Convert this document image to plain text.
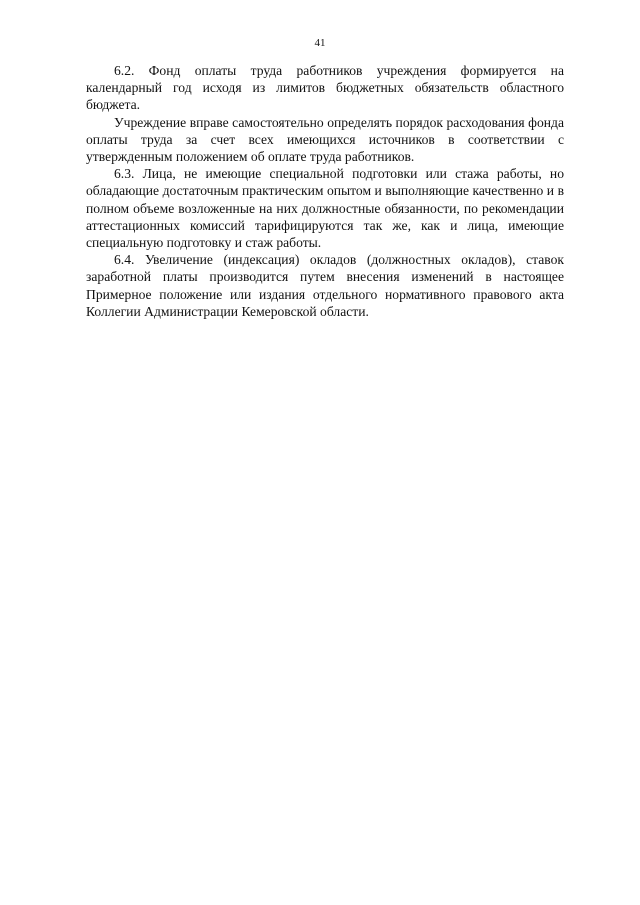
41

6.2. Фонд оплаты труда работников учреждения формируется на календарный год исходя из лимитов бюджетных обязательств областного бюджета.

Учреждение вправе самостоятельно определять порядок расходования фонда оплаты труда за счет всех имеющихся источников в соответствии с утвержденным положением об оплате труда работников.

6.3. Лица, не имеющие специальной подготовки или стажа работы, но обладающие достаточным практическим опытом и выполняющие качественно и в полном объеме возложенные на них должностные обязанности, по рекомендации аттестационных комиссий тарифицируются так же, как и лица, имеющие специальную подготовку и стаж работы.

6.4. Увеличение (индексация) окладов (должностных окладов), ставок заработной платы производится путем внесения изменений в настоящее Примерное положение или издания отдельного нормативного правового акта Коллегии Администрации Кемеровской области.
